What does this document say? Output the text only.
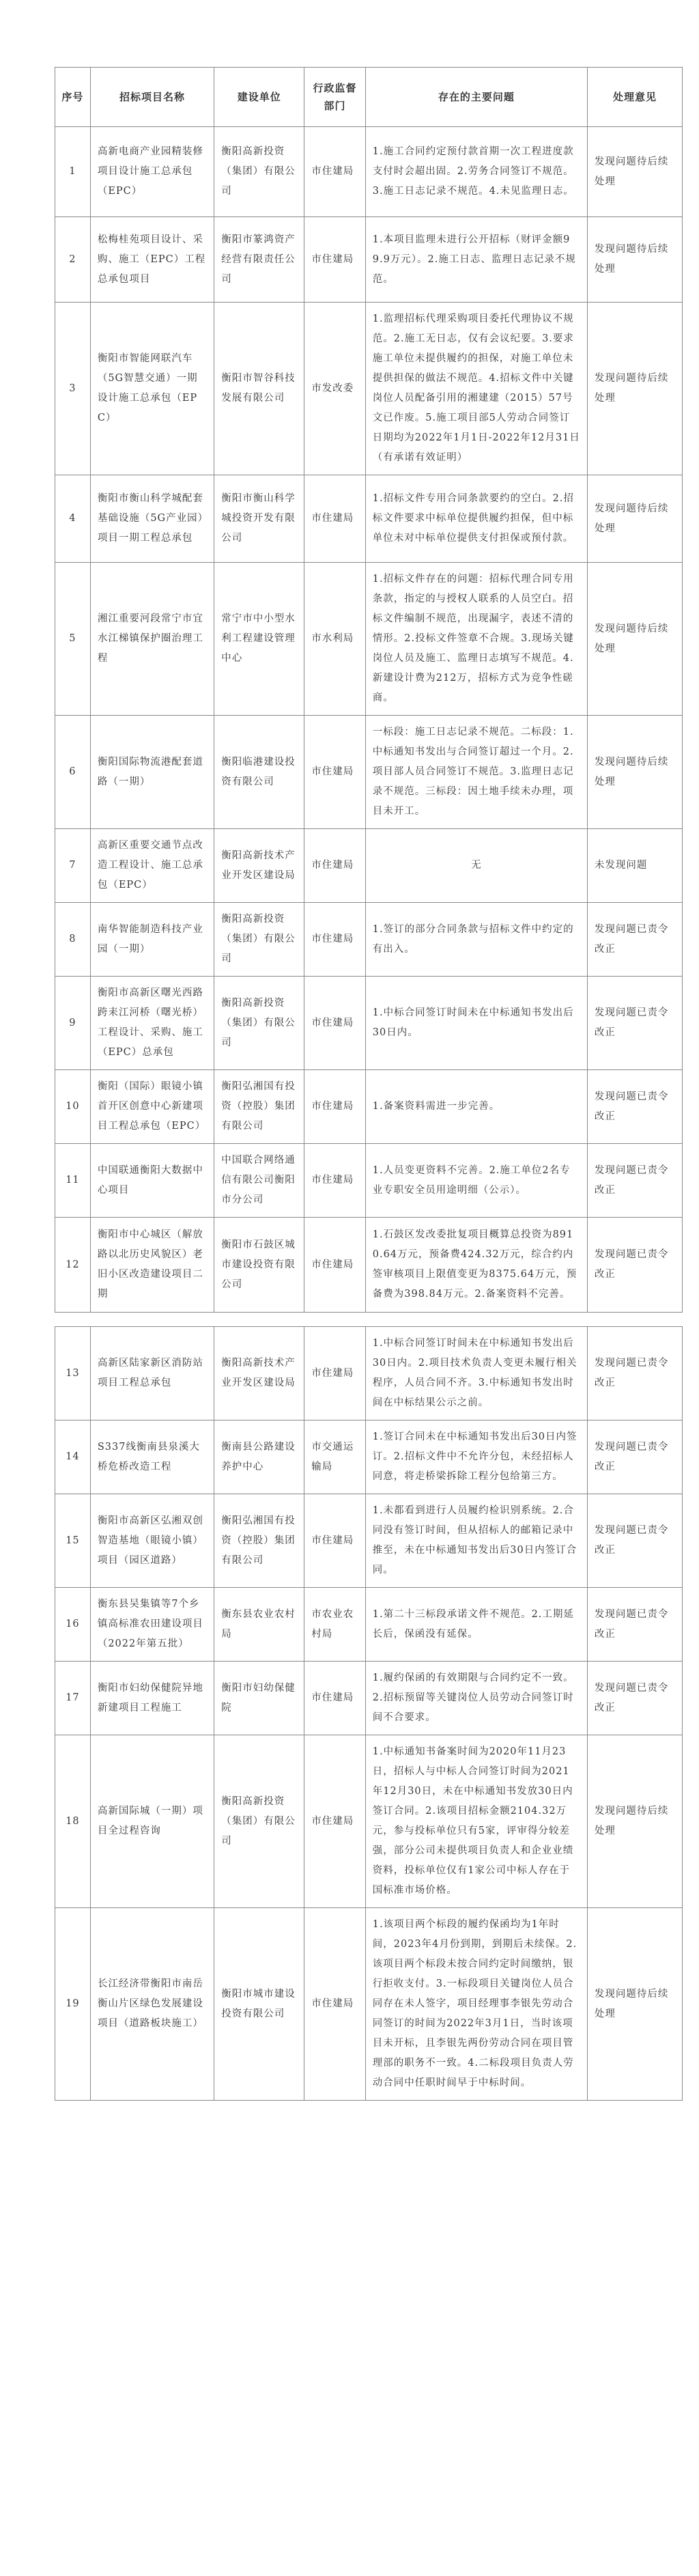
序号	招标项目名称	建设单位	行政监督部门	存在的主要问题	处理意见
1	高新电商产业园精装修项目设计施工总承包（EPC）	衡阳高新投资（集团）有限公司	市住建局	1.施工合同约定预付款首期一次工程进度款支付时会超出固。2.劳务合同签订不规范。3.施工日志记录不规范。4.未见监理日志。	发现问题待后续处理
2	松梅桂苑项目设计、采购、施工（EPC）工程总承包项目	衡阳市篆鸿资产经营有限责任公司	市住建局	1.本项目监理未进行公开招标（财评金额99.9万元）。2.施工日志、监理日志记录不规范。	发现问题待后续处理
3	衡阳市智能网联汽车（5G智慧交通）一期设计施工总承包（EPC）	衡阳市智谷科技发展有限公司	市发改委	1.监理招标代理采购项目委托代理协议不规范。2.施工无日志，仅有会议纪要。3.要求施工单位未提供履约的担保，对施工单位未提供担保的做法不规范。4.招标文件中关键岗位人员配备引用的湘建建（2015）57号文已作废。5.施工项目部5人劳动合同签订日期均为2022年1月1日-2022年12月31日（有承诺有效证明）	发现问题待后续处理
4	衡阳市衡山科学城配套基础设施（5G产业园）项目一期工程总承包	衡阳市衡山科学城投资开发有限公司	市住建局	1.招标文件专用合同条款要约的空白。2.招标文件要求中标单位提供履约担保，但中标单位未对中标单位提供支付担保或预付款。	发现问题待后续处理
5	湘江重要河段常宁市宜水江梯镇保护圈治理工程	常宁市中小型水利工程建设管理中心	市水利局	1.招标文件存在的问题：招标代理合同专用条款，指定的与授权人联系的人员空白。招标文件编制不规范，出现漏字，表述不清的情形。2.投标文件签章不合规。3.现场关键岗位人员及施工、监理日志填写不规范。4.新建设计费为212万，招标方式为竞争性磋商。	发现问题待后续处理
6	衡阳国际物流港配套道路（一期）	衡阳临港建设投资有限公司	市住建局	一标段：施工日志记录不规范。二标段：1.中标通知书发出与合同签订超过一个月。2.项目部人员合同签订不规范。3.监理日志记录不规范。三标段：因土地手续未办理，项目未开工。	发现问题待后续处理
7	高新区重要交通节点改造工程设计、施工总承包（EPC）	衡阳高新技术产业开发区建设局	市住建局	无	未发现问题
8	南华智能制造科技产业园（一期）	衡阳高新投资（集团）有限公司	市住建局	1.签订的部分合同条款与招标文件中约定的有出入。	发现问题已责令改正
9	衡阳市高新区曙光西路跨耒江河桥（曙光桥）工程设计、采购、施工（EPC）总承包	衡阳高新投资（集团）有限公司	市住建局	1.中标合同签订时间未在中标通知书发出后30日内。	发现问题已责令改正
10	衡阳（国际）眼镜小镇首开区创意中心新建项目工程总承包（EPC）	衡阳弘湘国有投资（控股）集团有限公司	市住建局	1.备案资料需进一步完善。	发现问题已责令改正
11	中国联通衡阳大数据中心项目	中国联合网络通信有限公司衡阳市分公司	市住建局	1.人员变更资料不完善。2.施工单位2名专业专职安全员用途明细（公示）。	发现问题已责令改正
12	衡阳市中心城区（解放路以北历史风貌区）老旧小区改造建设项目二期	衡阳市石鼓区城市建设投资有限公司	市住建局	1.石鼓区发改委批复项目概算总投资为8910.64万元，预备费424.32万元，综合约内签审核项目上限值变更为8375.64万元，预备费为398.84万元。2.备案资料不完善。	发现问题已责令改正
13	高新区陆家新区消防站项目工程总承包	衡阳高新技术产业开发区建设局	市住建局	1.中标合同签订时间未在中标通知书发出后30日内。2.项目技术负责人变更未履行相关程序，人员合同不齐。3.中标通知书发出时间在中标结果公示之前。	发现问题已责令改正
14	S337线衡南县泉溪大桥危桥改造工程	衡南县公路建设养护中心	市交通运输局	1.签订合同未在中标通知书发出后30日内签订。2.招标文件中不允许分包，未经招标人同意，将走桥梁拆除工程分包给第三方。	发现问题已责令改正
15	衡阳市高新区弘湘双创智造基地（眼镜小镇）项目（园区道路）	衡阳弘湘国有投资（控股）集团有限公司	市住建局	1.未都看到进行人员履约检识别系统。2.合同没有签订时间，但从招标人的邮箱记录中推至，未在中标通知书发出后30日内签订合同。	发现问题已责令改正
16	衡东县吴集镇等7个乡镇高标准农田建设项目（2022年第五批）	衡东县农业农村局	市农业农村局	1.第二十三标段承诺文件不规范。2.工期延长后，保函没有延保。	发现问题已责令改正
17	衡阳市妇幼保健院异地新建项目工程施工	衡阳市妇幼保健院	市住建局	1.履约保函的有效期限与合同约定不一致。2.招标预留等关键岗位人员劳动合同签订时间不合要求。	发现问题已责令改正
18	高新国际城（一期）项目全过程咨询	衡阳高新投资（集团）有限公司	市住建局	1.中标通知书备案时间为2020年11月23日，招标人与中标人合同签订时间为2021年12月30日，未在中标通知书发放30日内签订合同。2.该项目招标金额2104.32万元，参与投标单位只有5家，评审得分较差强，部分公司未提供项目负责人和企业业绩资料，投标单位仅有1家公司中标人存在于国标准市场价格。	发现问题待后续处理
19	长江经济带衡阳市南岳衡山片区绿色发展建设项目（道路板块施工）	衡阳市城市建设投资有限公司	市住建局	1.该项目两个标段的履约保函均为1年时间，2023年4月份到期，到期后未续保。2.该项目两个标段未按合同约定时间缴纳，银行拒收支付。3.一标段项目关键岗位人员合同存在未人签字，项目经理事李银先劳动合同签订的时间为2022年3月1日，当时该项目未开标，且李银先两份劳动合同在项目管理部的职务不一致。4.二标段项目负责人劳动合同中任职时间早于中标时间。	发现问题待后续处理
